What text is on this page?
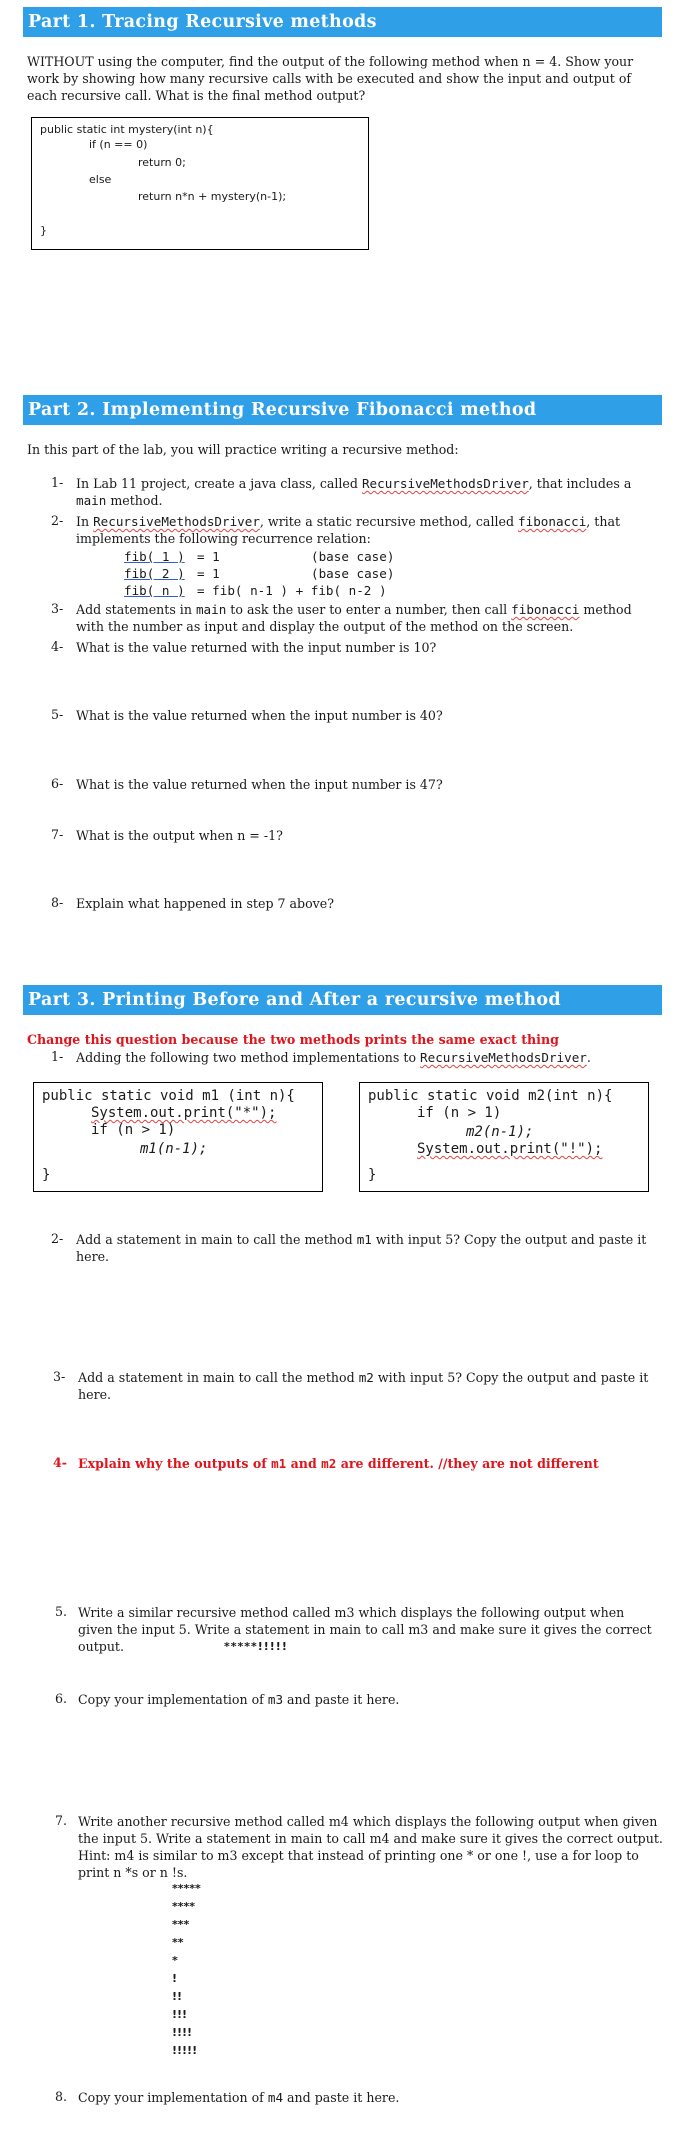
Part 1. Tracing Recursive methods
WITHOUT using the computer, find the output of the following method when n = 4. Show your work by showing how many recursive calls with be executed and show the input and output of each recursive call. What is the final method output?
public static int mystery(int n){
if (n == 0)
return 0;
else
return n*n + mystery(n-1);
}
Part 2. Implementing Recursive Fibonacci method
In this part of the lab, you will practice writing a recursive method:
1- In Lab 11 project, create a java class, called RecursiveMethodsDriver, that includes a main method.
2- In RecursiveMethodsDriver, write a static recursive method, called fibonacci, that implements the following recurrence relation:
fib( 1 ) = 1	(base case)
fib( 2 ) = 1	(base case)
fib( n ) = fib( n-1 ) + fib( n-2 )
3- Add statements in main to ask the user to enter a number, then call fibonacci method with the number as input and display the output of the method on the screen.
4- What is the value returned with the input number is 10?
5- What is the value returned when the input number is 40?
6- What is the value returned when the input number is 47?
7- What is the output when n = -1?
8- Explain what happened in step 7 above?
Part 3. Printing Before and After a recursive method
Change this question because the two methods prints the same exact thing
1- Adding the following two method implementations to RecursiveMethodsDriver.
public static void m1 (int n){
System.out.print("*");
if (n > 1)
m1(n-1);
}
public static void m2(int n){
if (n > 1)
m2(n-1);
System.out.print("!");
}
2- Add a statement in main to call the method m1 with input 5? Copy the output and paste it here.
3- Add a statement in main to call the method m2 with input 5? Copy the output and paste it here.
4- Explain why the outputs of m1 and m2 are different. //they are not different
5. Write a similar recursive method called m3 which displays the following output when given the input 5. Write a statement in main to call m3 and make sure it gives the correct output.	*****!!!!!
6. Copy your implementation of m3 and paste it here.
7. Write another recursive method called m4 which displays the following output when given the input 5. Write a statement in main to call m4 and make sure it gives the correct output. Hint: m4 is similar to m3 except that instead of printing one * or one !, use a for loop to print n *s or n !s.
*****
****
***
**
*
!
!!
!!!
!!!!
!!!!!
8. Copy your implementation of m4 and paste it here.
